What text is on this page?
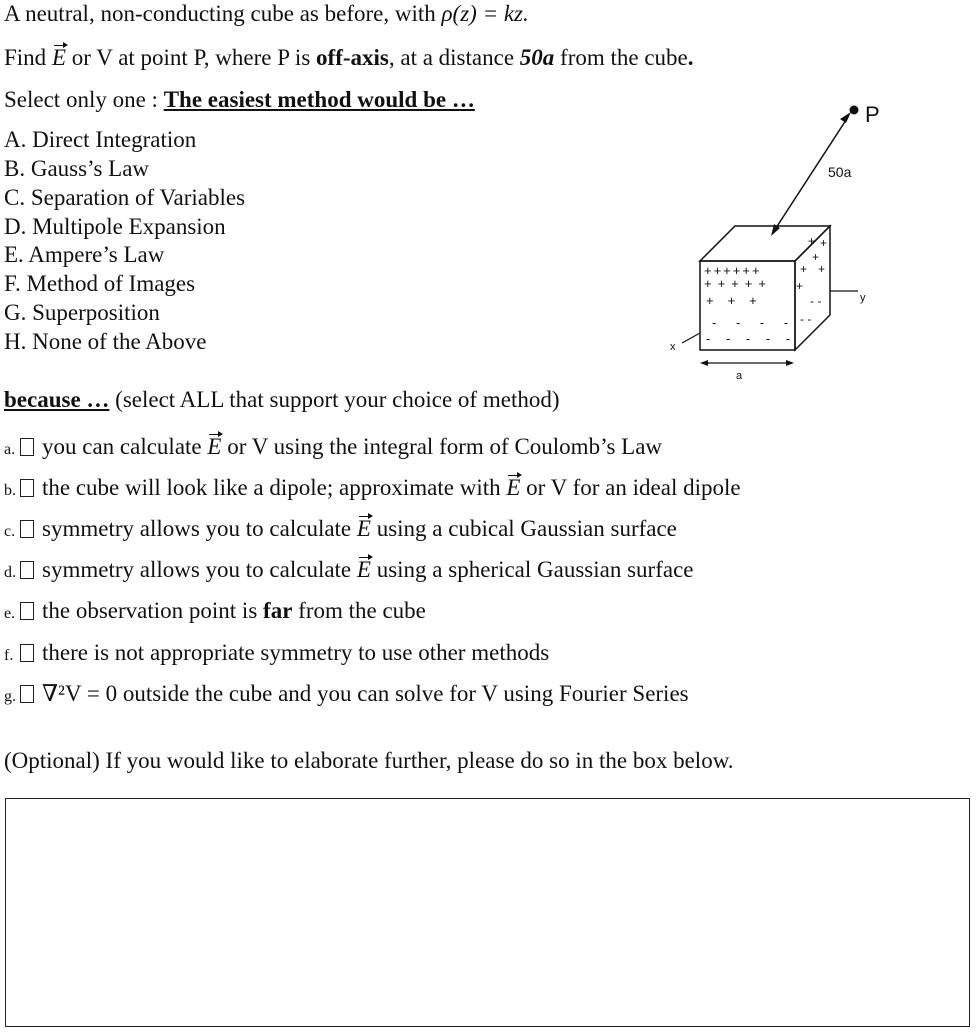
A neutral, non-conducting cube as before, with ρ(z) = kz.
Find E or V at point P, where P is off-axis, at a distance 50a from the cube.
Select only one : The easiest method would be …
A. Direct Integration
B. Gauss’s Law
C. Separation of Variables
D. Multipole Expansion
E. Ampere’s Law
F. Method of Images
G. Superposition
H. None of the Above
P
50a
++++++
+++++
+++
+
+
+
+
+
+
- - - -
- - - - -
- -
- -	y
x
a
because … (select ALL that support your choice of method)
a. you can calculate E or V using the integral form of Coulomb’s Law
b. the cube will look like a dipole; approximate with E or V for an ideal dipole
c. symmetry allows you to calculate E using a cubical Gaussian surface
d. symmetry allows you to calculate E using a spherical Gaussian surface
e. the observation point is far from the cube
f. there is not appropriate symmetry to use other methods
g. ∇²V = 0 outside the cube and you can solve for V using Fourier Series
(Optional) If you would like to elaborate further, please do so in the box below.
